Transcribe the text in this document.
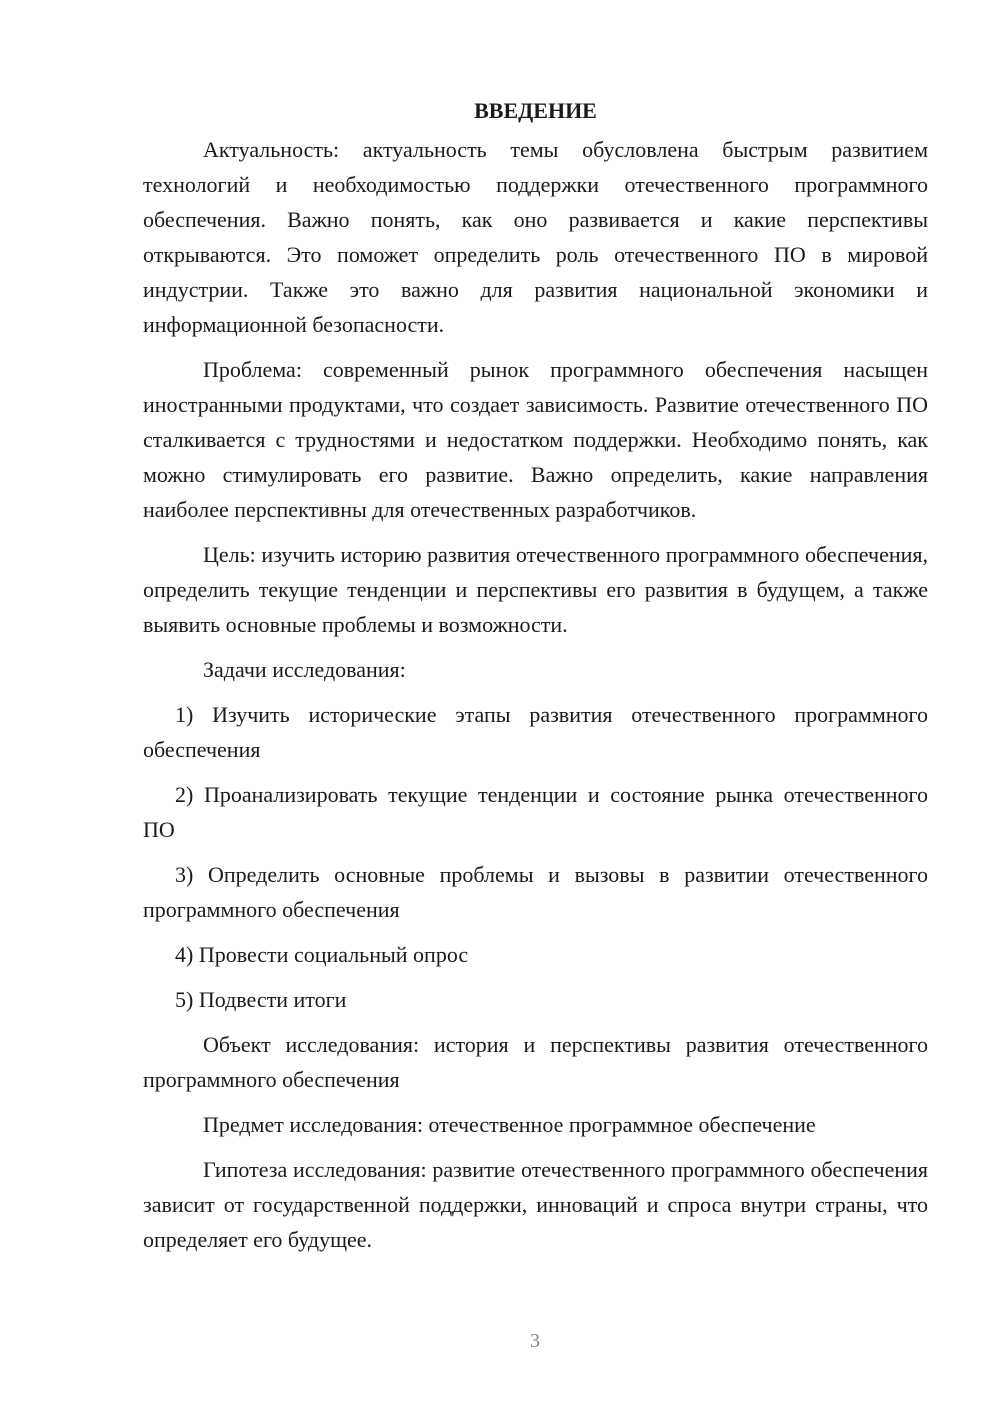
ВВЕДЕНИЕ

Актуальность: актуальность темы обусловлена быстрым развитием технологий и необходимостью поддержки отечественного программного обеспечения. Важно понять, как оно развивается и какие перспективы открываются. Это поможет определить роль отечественного ПО в мировой индустрии. Также это важно для развития национальной экономики и информационной безопасности.

Проблема: современный рынок программного обеспечения насыщен иностранными продуктами, что создает зависимость. Развитие отечественного ПО сталкивается с трудностями и недостатком поддержки. Необходимо понять, как можно стимулировать его развитие. Важно определить, какие направления наиболее перспективны для отечественных разработчиков.

Цель: изучить историю развития отечественного программного обеспечения, определить текущие тенденции и перспективы его развития в будущем, а также выявить основные проблемы и возможности.

Задачи исследования:

1) Изучить исторические этапы развития отечественного программного обеспечения

2) Проанализировать текущие тенденции и состояние рынка отечественного ПО

3) Определить основные проблемы и вызовы в развитии отечественного программного обеспечения

4) Провести социальный опрос

5) Подвести итоги

Объект исследования: история и перспективы развития отечественного программного обеспечения

Предмет исследования: отечественное программное обеспечение

Гипотеза исследования: развитие отечественного программного обеспечения зависит от государственной поддержки, инноваций и спроса внутри страны, что определяет его будущее.

3
